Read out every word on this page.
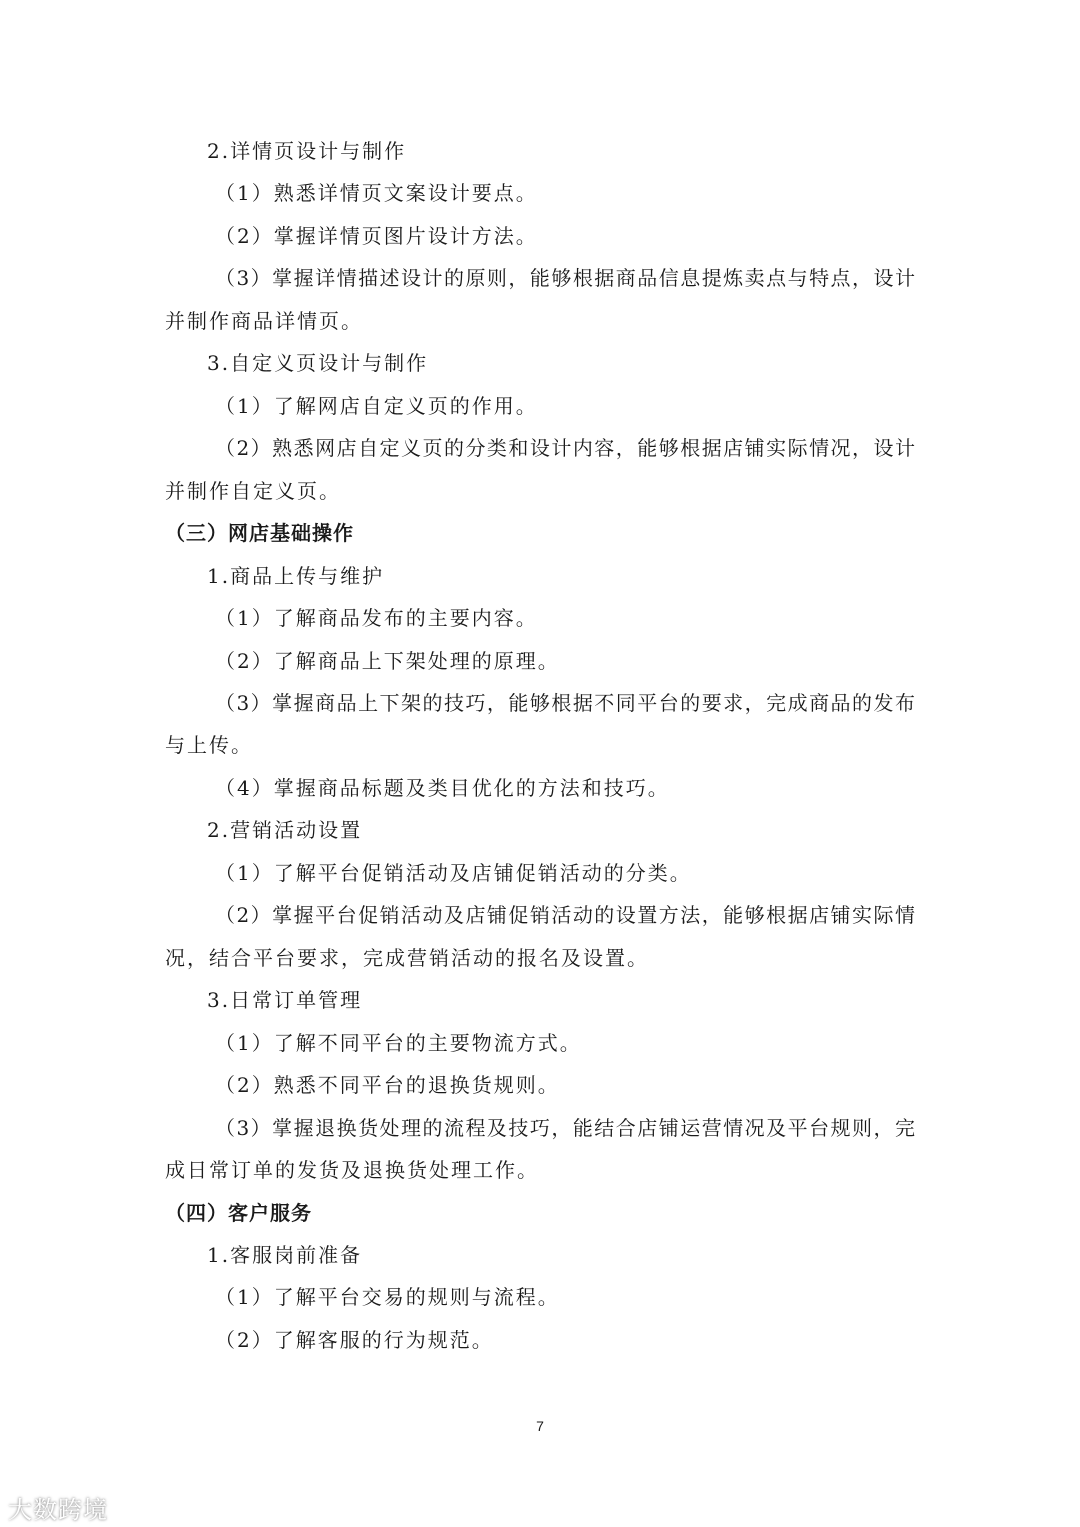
2.详情页设计与制作
（1）熟悉详情页文案设计要点。
（2）掌握详情页图片设计方法。
（3）掌握详情描述设计的原则，能够根据商品信息提炼卖点与特点，设计
并制作商品详情页。
3.自定义页设计与制作
（1）了解网店自定义页的作用。
（2）熟悉网店自定义页的分类和设计内容，能够根据店铺实际情况，设计
并制作自定义页。
（三）网店基础操作
1.商品上传与维护
（1）了解商品发布的主要内容。
（2）了解商品上下架处理的原理。
（3）掌握商品上下架的技巧，能够根据不同平台的要求，完成商品的发布
与上传。
（4）掌握商品标题及类目优化的方法和技巧。
2.营销活动设置
（1）了解平台促销活动及店铺促销活动的分类。
（2）掌握平台促销活动及店铺促销活动的设置方法，能够根据店铺实际情
况，结合平台要求，完成营销活动的报名及设置。
3.日常订单管理
（1）了解不同平台的主要物流方式。
（2）熟悉不同平台的退换货规则。
（3）掌握退换货处理的流程及技巧，能结合店铺运营情况及平台规则，完
成日常订单的发货及退换货处理工作。
（四）客户服务
1.客服岗前准备
（1）了解平台交易的规则与流程。
（2）了解客服的行为规范。
7
大数跨境
